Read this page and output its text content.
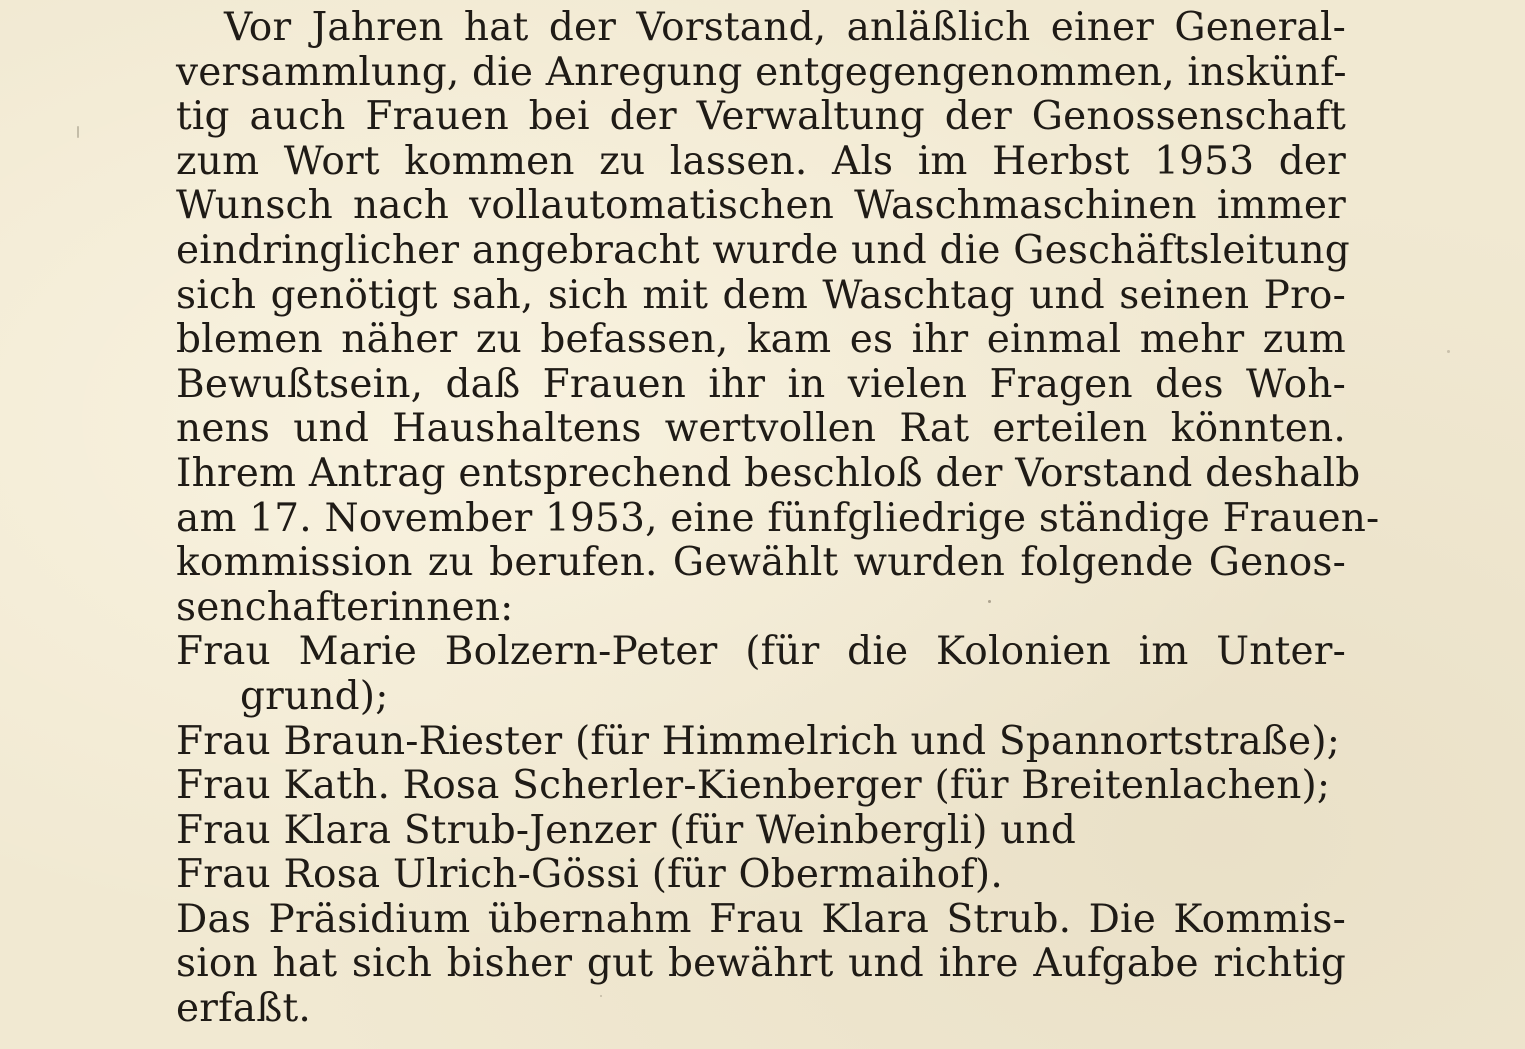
Vor Jahren hat der Vorstand, anläßlich einer General-
versammlung, die Anregung entgegengenommen, inskünf-
tig auch Frauen bei der Verwaltung der Genossenschaft
zum Wort kommen zu lassen. Als im Herbst 1953 der
Wunsch nach vollautomatischen Waschmaschinen immer
eindringlicher angebracht wurde und die Geschäftsleitung
sich genötigt sah, sich mit dem Waschtag und seinen Pro-
blemen näher zu befassen, kam es ihr einmal mehr zum
Bewußtsein, daß Frauen ihr in vielen Fragen des Woh-
nens und Haushaltens wertvollen Rat erteilen könnten.
Ihrem Antrag entsprechend beschloß der Vorstand deshalb
am 17. November 1953, eine fünfgliedrige ständige Frauen-
kommission zu berufen. Gewählt wurden folgende Genos-
senchafterinnen:
Frau Marie Bolzern-Peter (für die Kolonien im Unter-
grund);
Frau Braun-Riester (für Himmelrich und Spannortstraße);
Frau Kath. Rosa Scherler-Kienberger (für Breitenlachen);
Frau Klara Strub-Jenzer (für Weinbergli) und
Frau Rosa Ulrich-Gössi (für Obermaihof).
Das Präsidium übernahm Frau Klara Strub. Die Kommis-
sion hat sich bisher gut bewährt und ihre Aufgabe richtig
erfaßt.
